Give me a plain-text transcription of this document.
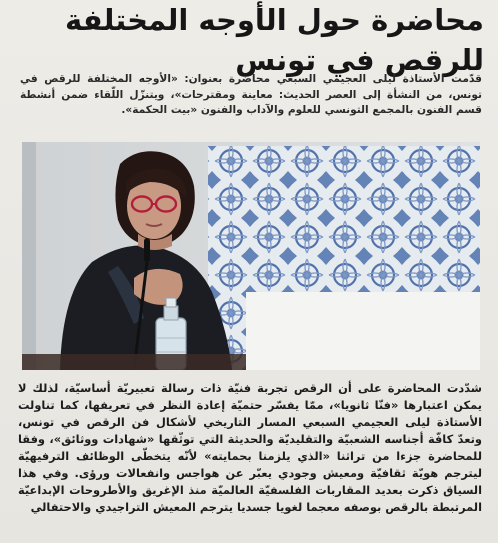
محاضرة حول الأوجه المختلفة للرقص في تونس
قدّمت الأستاذة ليلى العجيمي السبعي محاضرة بعنوان: «الأوجه المختلفة للرقص في تونس، من النشأة إلى العصر الحديث: معاينة ومقترحات»، ويتنزّل اللّقاء ضمن أنشطة قسم الفنون بالمجمع التونسي للعلوم والآداب والفنون «بيت الحكمة».

شدّدت المحاضرة على أن الرقص تجربة فنيّة ذات رسالة تعبيريّة أساسيّة، لذلك لا يمكن اعتبارها «فنّا ثانويا»، ممّا يفسّر حتميّة إعادة النظر في تعريفها، كما تناولت الأستاذة ليلى العجيمي السبعي المسار التاريخي لأشكال فن الرقص في تونس، وتعدّ كافّة أجناسه الشعبيّة والتقليديّة والحديثة التي توثّقها «شهادات ووثائق»، وفقا للمحاضرة جزءا من تراثنا «الذي يلزمنا بحمايته» لأنّه يتخطّى الوظائف الترفيهيّة ليترجم هويّة ثقافيّة ومعيش وجودي يعبّر عن هواجس وانفعالات ورؤى. وفي هذا السياق ذكرت بعديد المقاربات الفلسفيّة العالميّة منذ الإغريق والأطروحات الإبداعيّة المرتبطة بالرقص بوصفه معجما لغويا جسديا يترجم المعيش التراجيدي والاحتفالي
